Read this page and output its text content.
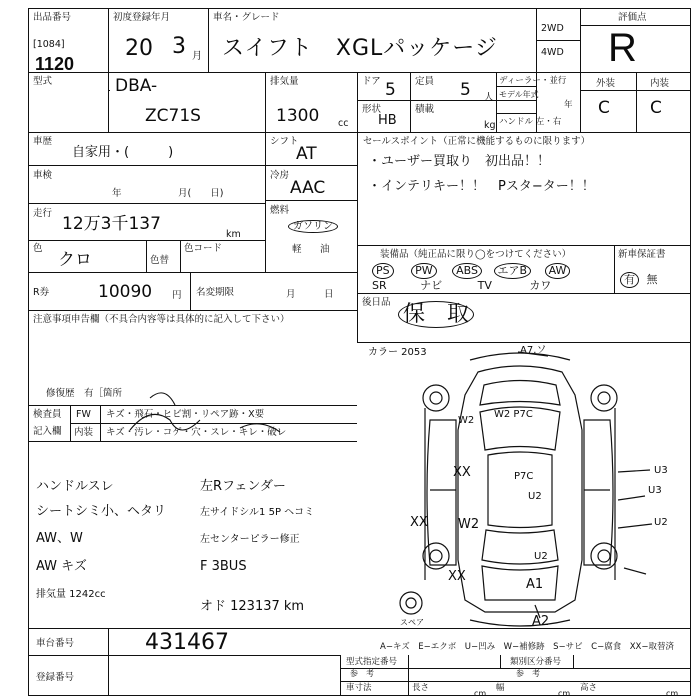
出品番号
[1084]
1120
初度登録年月
20 3 月
車名・グレード
スイフト　XGLパッケージ
2WD
4WD
評価点
R
型式	DBA-
ZC71S
排気量
1300 cc
ドア 5 定員 5 人
形状
HB
積載
kg
ディーラー・並行
モデル年式
年
ハンドル 左・右
外装	内装
C C
車歴
自家用・(　　　)
車検
年	月(　　日)
走行
12万3千137
km
色
クロ	色替
色コード
シフト
AT
冷房
AAC
燃料
ガソリン
軽 油
セールスポイント（正常に機能するものに限ります）
・ユーザー買取り　初出品！！
・インテリキー！！　Pスタ−ター！！
装備品（純正品に限り◯をつけてください）
PS PW ABS エアB AW
SR	ナビ	TV	カワ
新車保証書
有 無
後日品 保　取
R券	10090 円 名変期限	月	日
注意事項申告欄（不具合内容等は具体的に記入して下さい）
修復歴　有［箇所
検査員
記入欄
FW キズ・飛石・ヒビ割・リペア跡・X要
内装 キズ・汚レ・コゲ・穴・スレ・キレ・破レ
ハンドルスレ
シートシミ小、ヘタリ
AW、W
AW キズ
排気量 1242cc
左Rフェンダー
左サイドシル1 5P ヘコミ
左センターピラー修正
F 3BUS
オド 123137 km
カラー 2053	A7.ソ
W2
W2 P7C
XX	P7C
U2
XX W2
U2
XX
A1
A2
U3
U3
U2
スペア
車台番号	431467
登録番号
A−キズ　E−エクボ　U−凹み　W−補修跡　S−サビ　C−腐食　XX−取替済
型式指定番号
参　考
類別区分番号
参　考
車寸法	長さ
cm
幅
cm
高さ
cm
